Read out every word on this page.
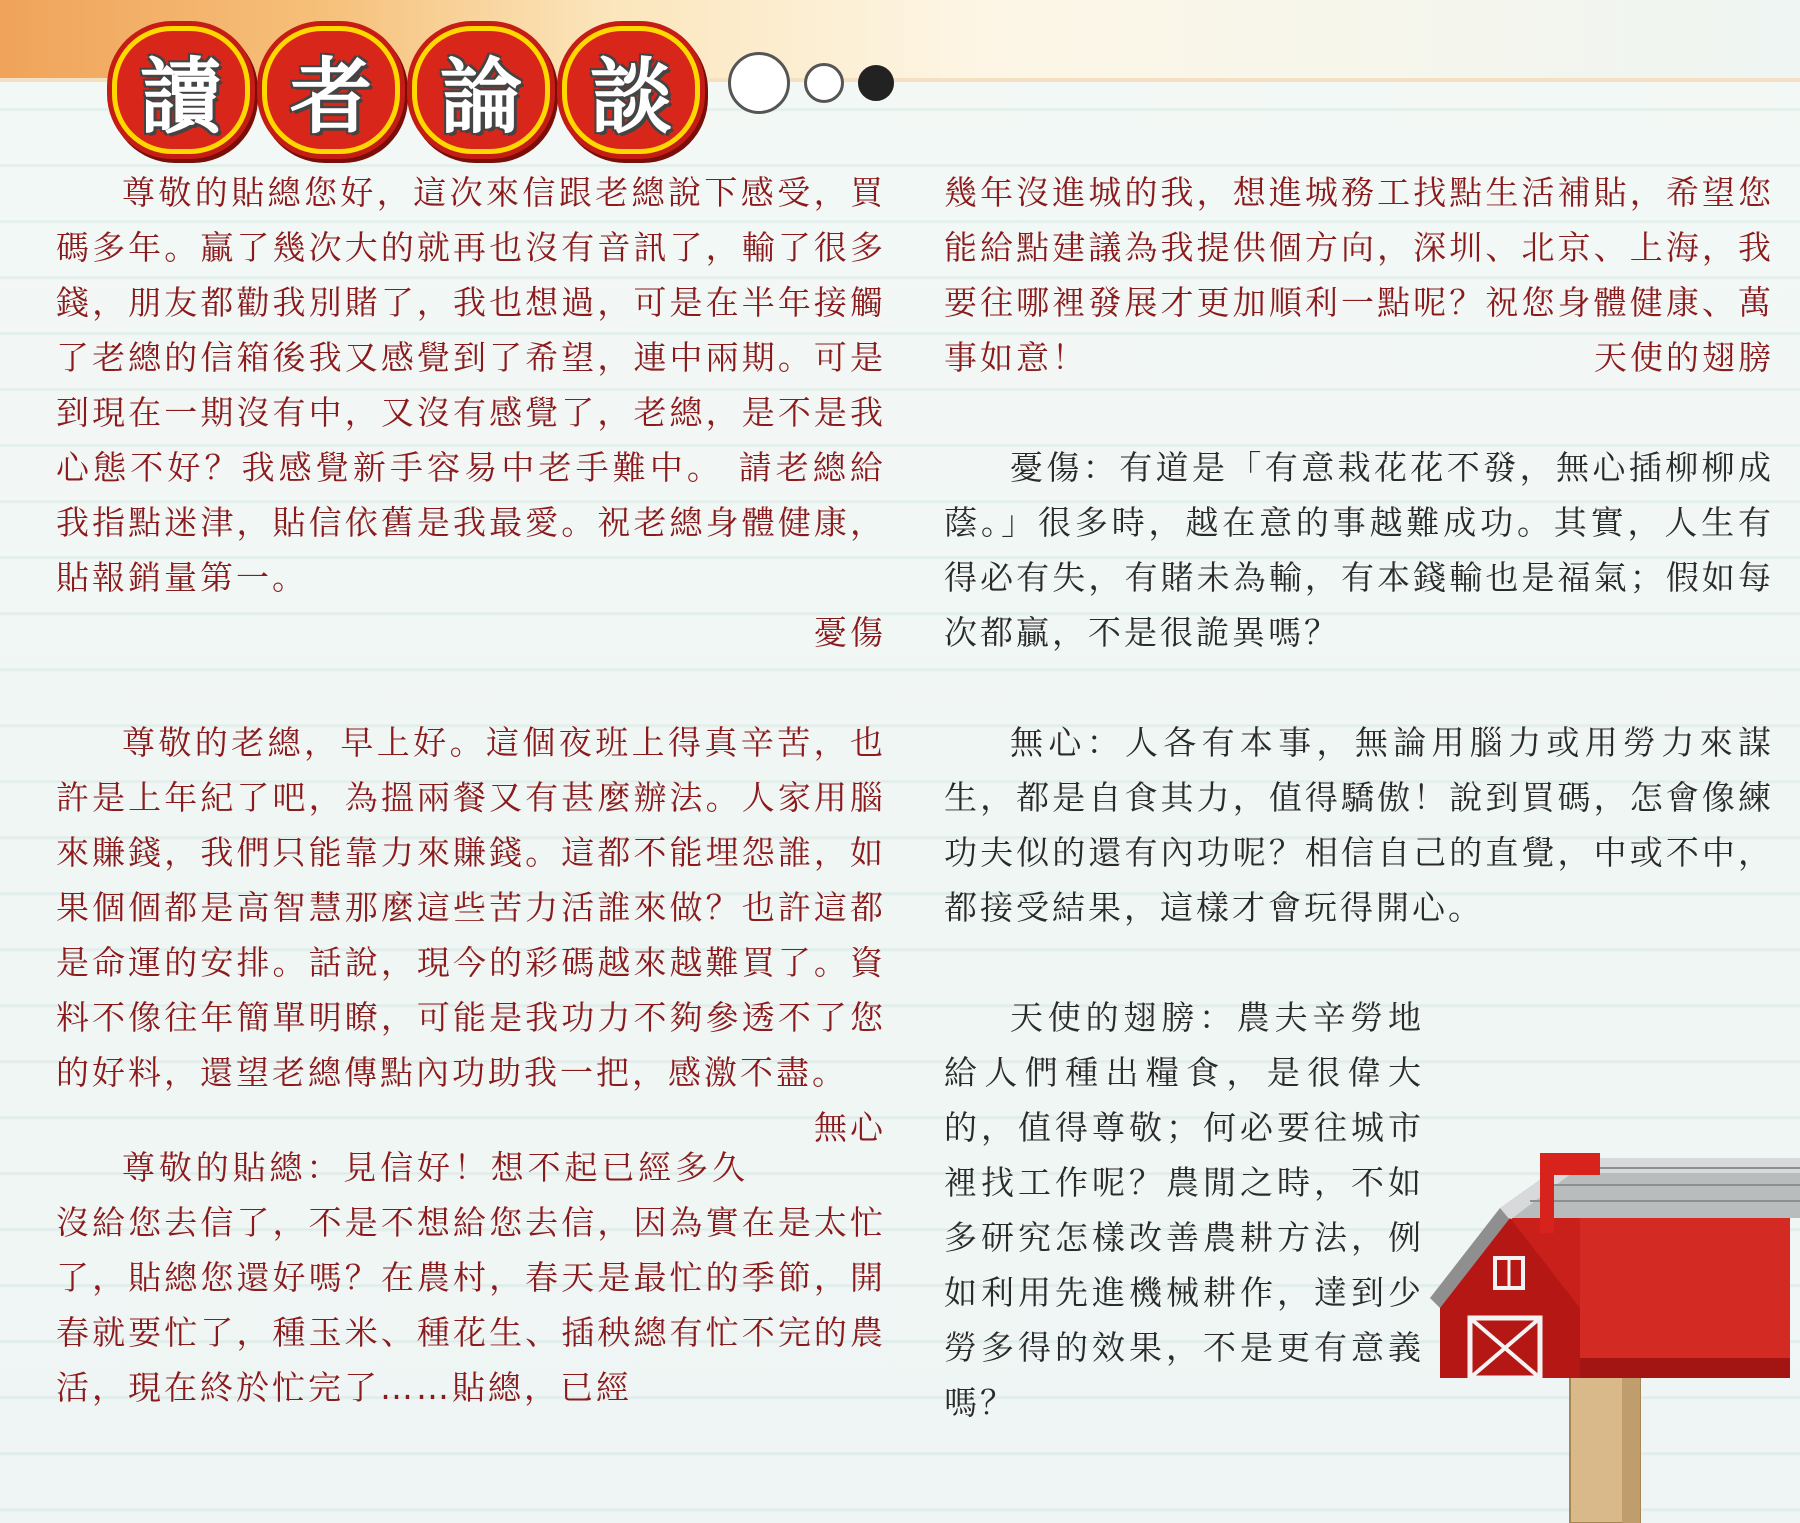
讀 者 論 談

尊敬的貼總您好，這次來信跟老總說下感受，買碼多年。贏了幾次大的就再也沒有音訊了，輸了很多錢，朋友都勸我別賭了，我也想過，可是在半年接觸了老總的信箱後我又感覺到了希望，連中兩期。可是到現在一期沒有中，又沒有感覺了，老總，是不是我心態不好？我感覺新手容易中老手難中。 請老總給我指點迷津，貼信依舊是我最愛。祝老總身體健康，貼報銷量第一。
憂傷

尊敬的老總，早上好。這個夜班上得真辛苦，也許是上年紀了吧，為搵兩餐又有甚麼辦法。人家用腦來賺錢，我們只能靠力來賺錢。這都不能埋怨誰，如果個個都是高智慧那麼這些苦力活誰來做？也許這都是命運的安排。話說，現今的彩碼越來越難買了。資料不像往年簡單明瞭，可能是我功力不夠參透不了您的好料，還望老總傳點內功助我一把，感激不盡。
無心

尊敬的貼總：見信好！想不起已經多久沒給您去信了，不是不想給您去信，因為實在是太忙了，貼總您還好嗎？在農村，春天是最忙的季節，開春就要忙了，種玉米、種花生、插秧總有忙不完的農活，現在終於忙完了……貼總，已經

幾年沒進城的我，想進城務工找點生活補貼，希望您能給點建議為我提供個方向，深圳、北京、上海，我要往哪裡發展才更加順利一點呢？祝您身體健康、萬事如意！	天使的翅膀

憂傷：有道是「有意栽花花不發，無心插柳柳成蔭。」很多時，越在意的事越難成功。其實，人生有得必有失，有賭未為輸，有本錢輸也是福氣；假如每次都贏，不是很詭異嗎？

無心：人各有本事，無論用腦力或用勞力來謀生，都是自食其力，值得驕傲！說到買碼，怎會像練功夫似的還有內功呢？相信自己的直覺，中或不中，都接受結果，這樣才會玩得開心。

天使的翅膀：農夫辛勞地給人們種出糧食，是很偉大的，值得尊敬；何必要往城市裡找工作呢？農閒之時，不如多研究怎樣改善農耕方法，例如利用先進機械耕作，達到少勞多得的效果，不是更有意義嗎？
